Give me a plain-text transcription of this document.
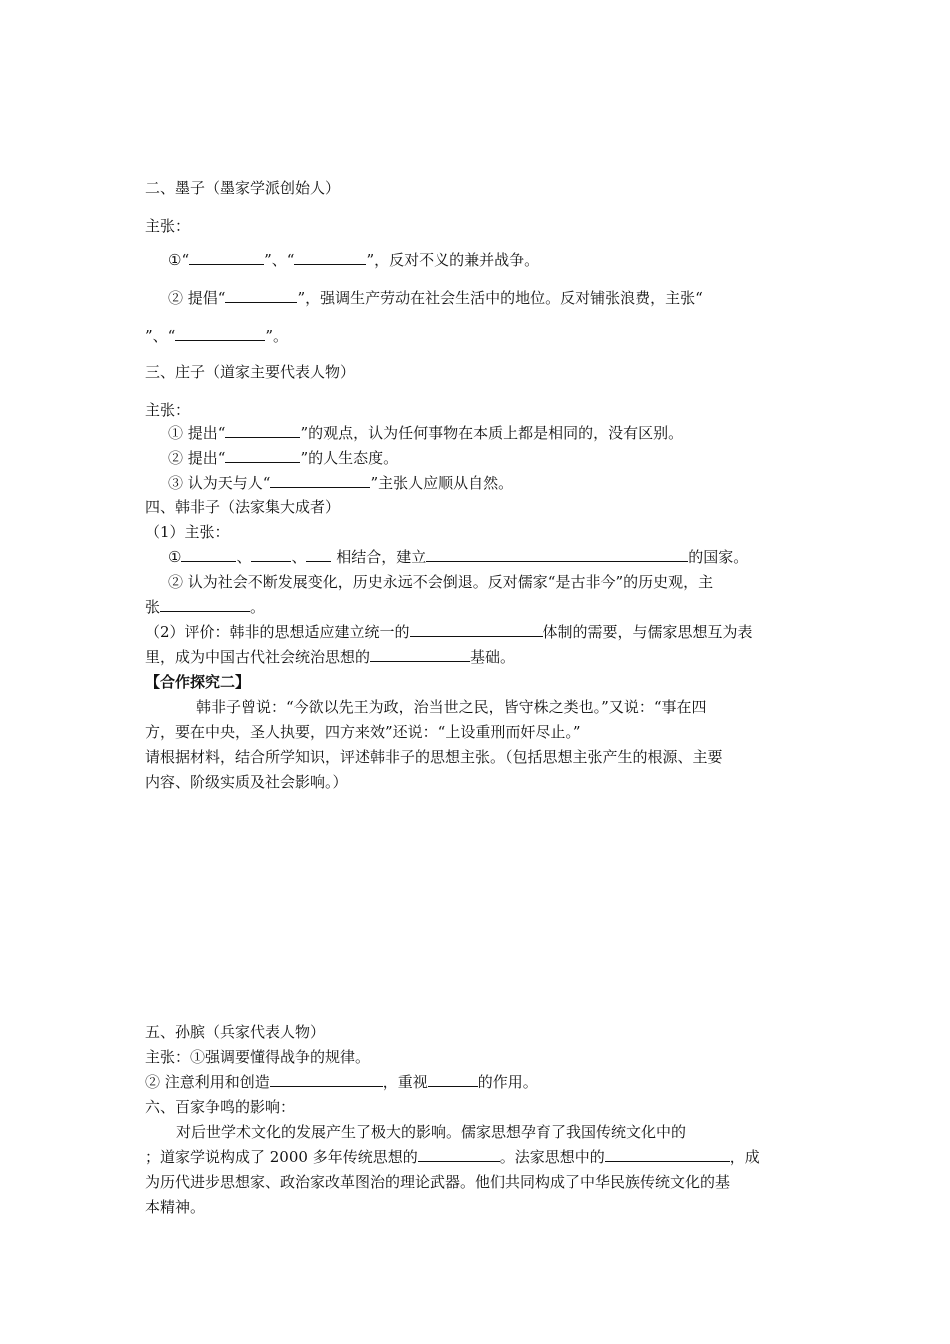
二、墨子（墨家学派创始人）
主张：
①“	”、“	”，反对不义的兼并战争。
② 提倡“	”，强调生产劳动在社会生活中的地位。反对铺张浪费，主张“
”、“	”。
三、庄子（道家主要代表人物）
主张：
① 提出“	”的观点，认为任何事物在本质上都是相同的，没有区别。
② 提出“	”的人生态度。
③ 认为天与人“	”主张人应顺从自然。
四、韩非子（法家集大成者）
（1）主张：
①	、	、 相结合，建立	的国家。
② 认为社会不断发展变化，历史永远不会倒退。反对儒家“是古非今”的历史观，主
张	。
（2）评价：韩非的思想适应建立统一的	体制的需要，与儒家思想互为表
里，成为中国古代社会统治思想的	基础。
【合作探究二】
韩非子曾说：“今欲以先王为政，治当世之民，皆守株之类也。”又说：“事在四
方，要在中央，圣人执要，四方来效”还说：“上设重刑而奸尽止。”
请根据材料，结合所学知识，评述韩非子的思想主张。（包括思想主张产生的根源、主要
内容、阶级实质及社会影响。）
五、孙膑（兵家代表人物）
主张：①强调要懂得战争的规律。
② 注意利用和创造	，重视	的作用。
六、百家争鸣的影响：
对后世学术文化的发展产生了极大的影响。儒家思想孕育了我国传统文化中的
；道家学说构成了 2000 多年传统思想的	。法家思想中的	，成
为历代进步思想家、政治家改革图治的理论武器。他们共同构成了中华民族传统文化的基
本精神。
